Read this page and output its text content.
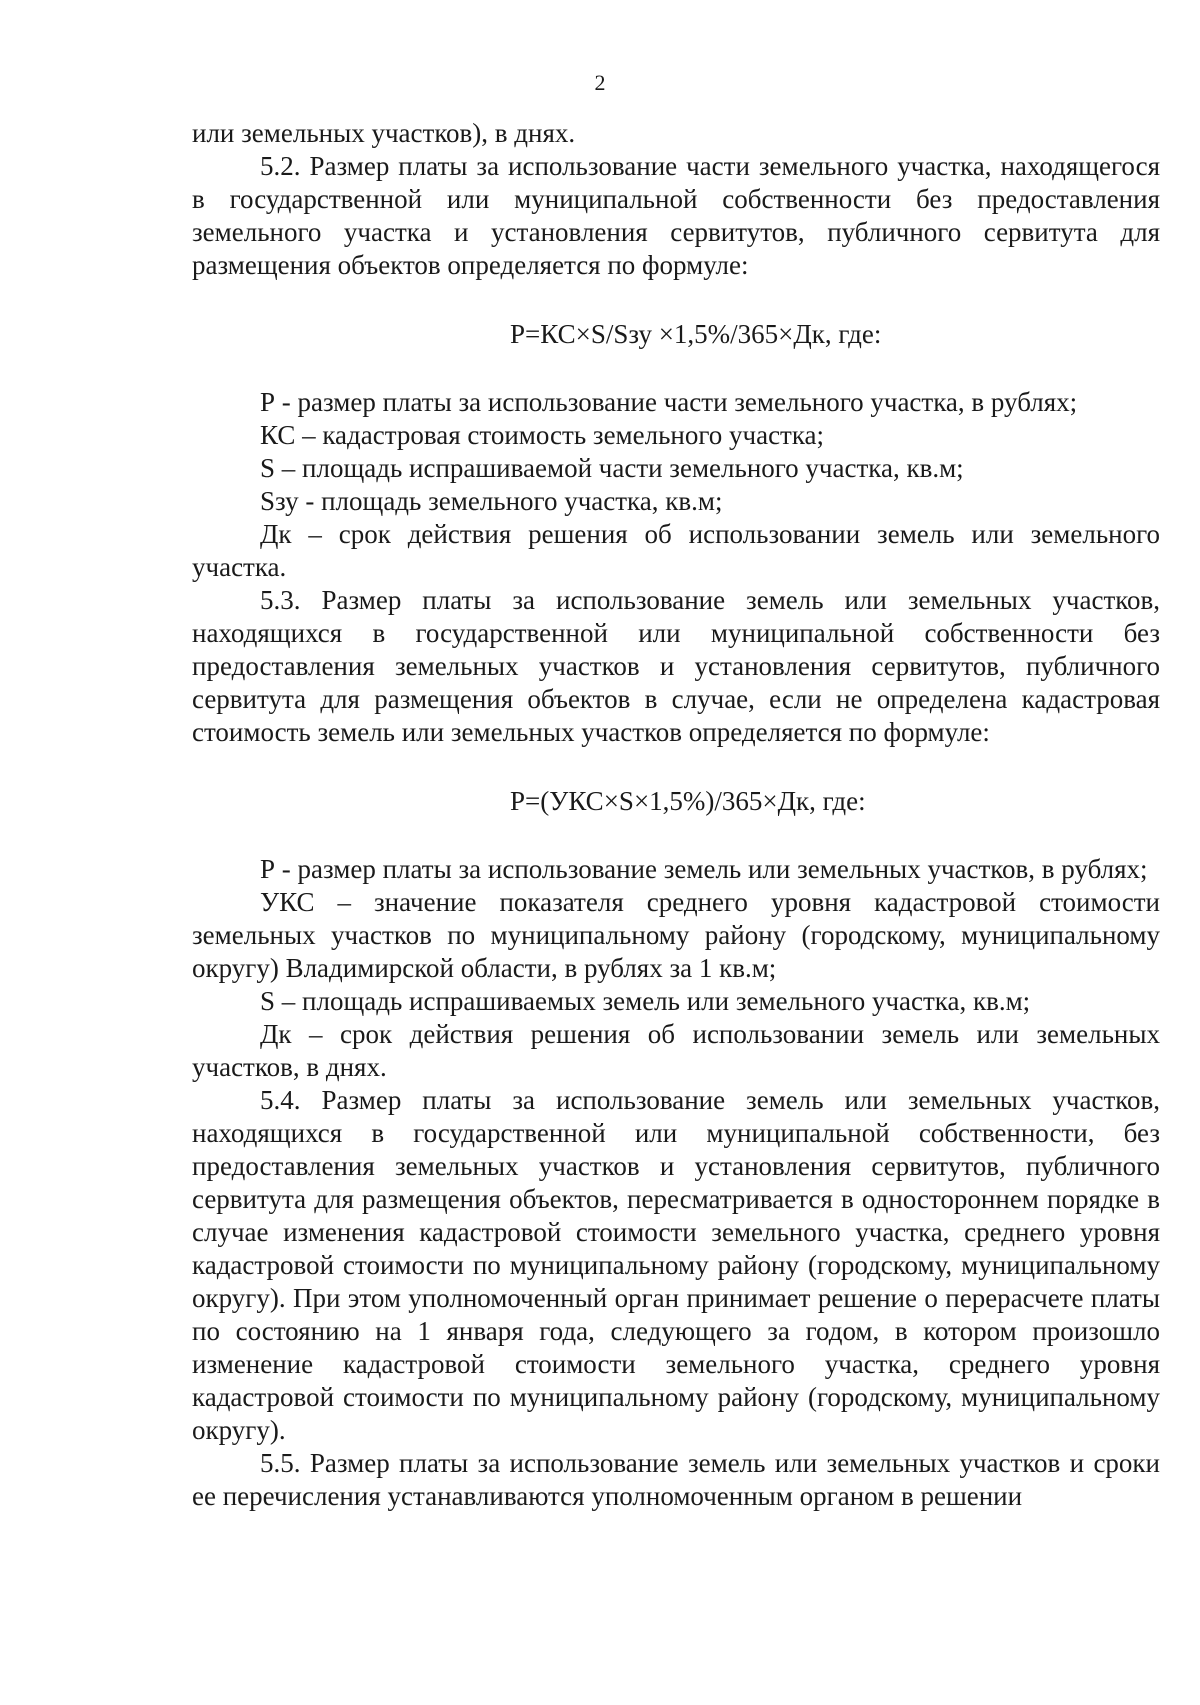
2

или земельных участков), в днях.

5.2. Размер платы за использование части земельного участка, находящегося в государственной или муниципальной собственности без предоставления земельного участка и установления сервитутов, публичного сервитута для размещения объектов определяется по формуле:

Р=КС×S/Sзу ×1,5%/365×Дк, где:

Р - размер платы за использование части земельного участка, в рублях;

КС – кадастровая стоимость земельного участка;

S – площадь испрашиваемой части земельного участка, кв.м;

Sзу - площадь земельного участка, кв.м;

Дк – срок действия решения об использовании земель или земельного участка.

5.3. Размер платы за использование земель или земельных участков, находящихся в государственной или муниципальной собственности без предоставления земельных участков и установления сервитутов, публичного сервитута для размещения объектов в случае, если не определена кадастровая стоимость земель или земельных участков определяется по формуле:

Р=(УКС×S×1,5%)/365×Дк, где:

Р - размер платы за использование земель или земельных участков, в рублях;

УКС – значение показателя среднего уровня кадастровой стоимости земельных участков по муниципальному району (городскому, муниципальному округу) Владимирской области, в рублях за 1 кв.м;

S – площадь испрашиваемых земель или земельного участка, кв.м;

Дк – срок действия решения об использовании земель или земельных участков, в днях.

5.4. Размер платы за использование земель или земельных участков, находящихся в государственной или муниципальной собственности, без предоставления земельных участков и установления сервитутов, публичного сервитута для размещения объектов, пересматривается в одностороннем порядке в случае изменения кадастровой стоимости земельного участка, среднего уровня кадастровой стоимости по муниципальному району (городскому, муниципальному округу). При этом уполномоченный орган принимает решение о перерасчете платы по состоянию на 1 января года, следующего за годом, в котором произошло изменение кадастровой стоимости земельного участка, среднего уровня кадастровой стоимости по муниципальному району (городскому, муниципальному округу).

5.5. Размер платы за использование земель или земельных участков и сроки ее перечисления устанавливаются уполномоченным органом в решении
